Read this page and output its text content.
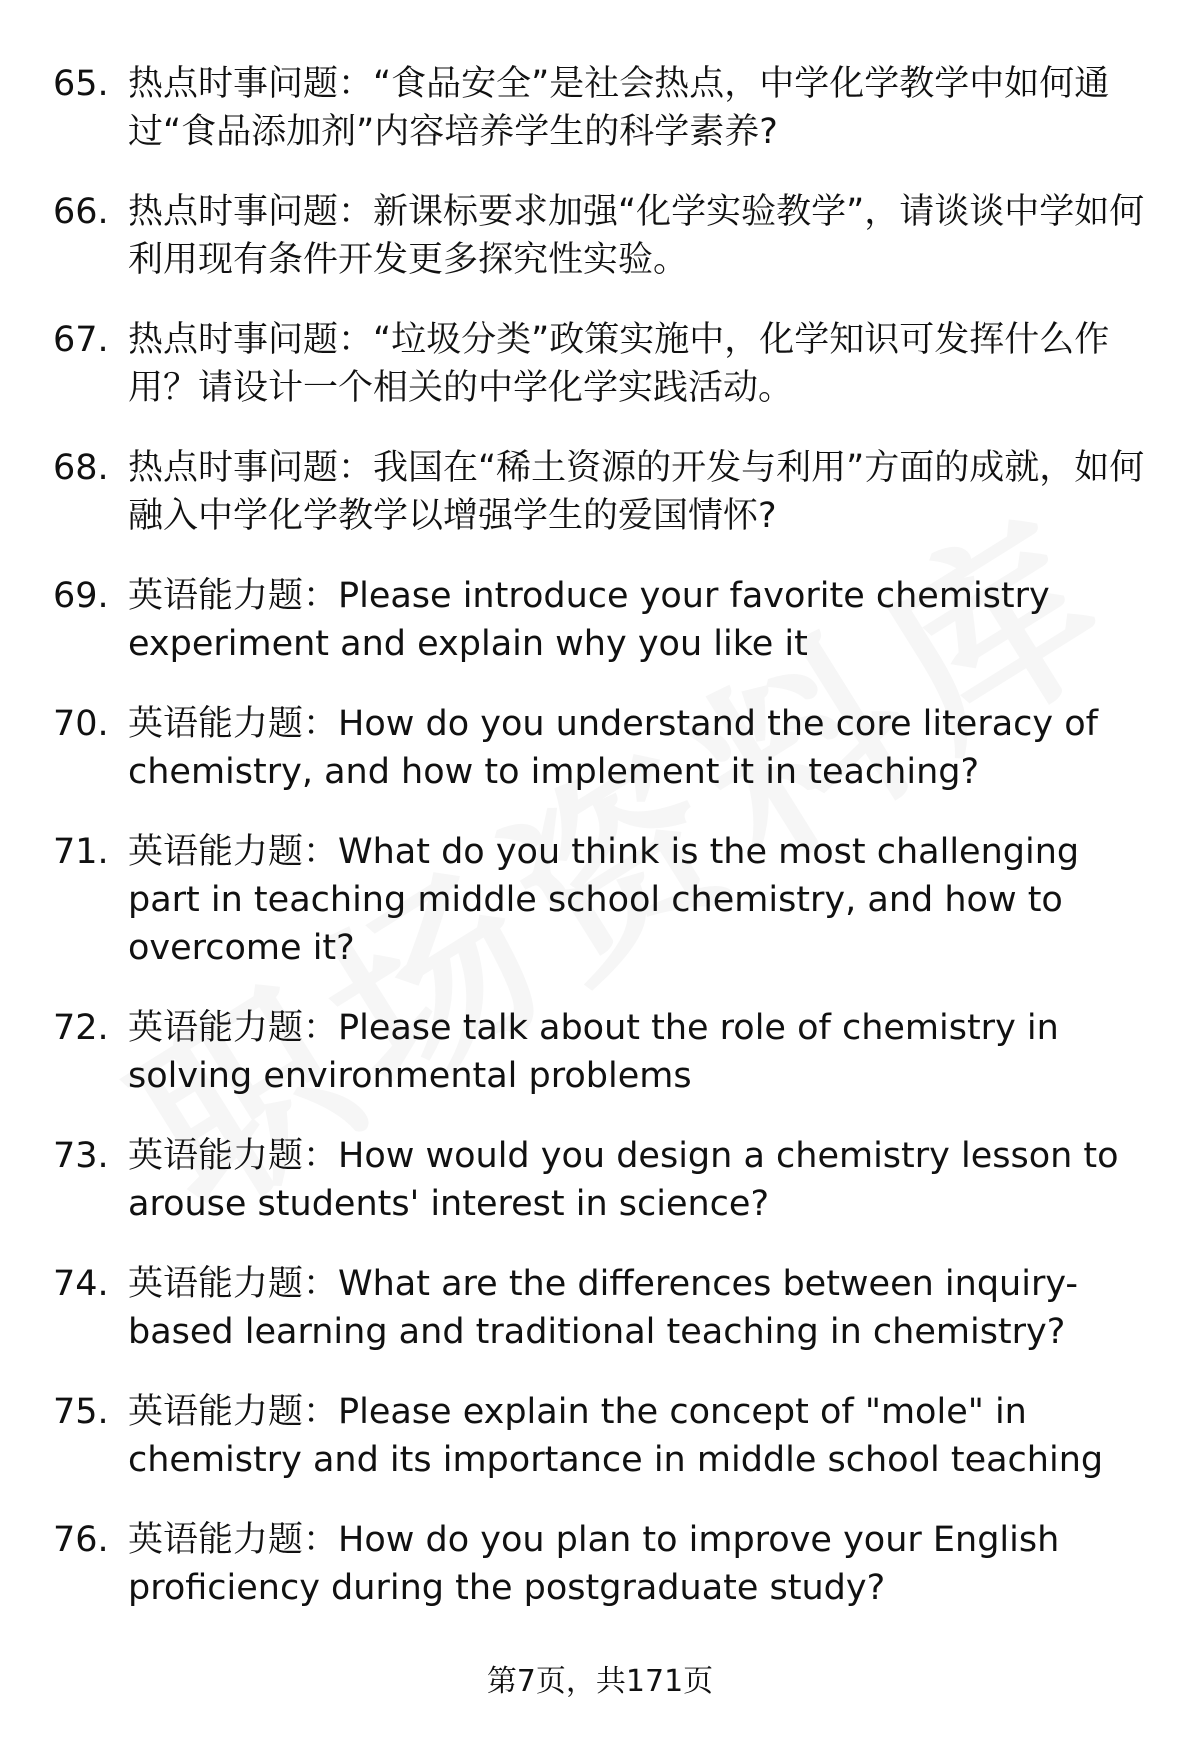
65. 热点时事问题：“食品安全”是社会热点，中学化学教学中如何通过“食品添加剂”内容培养学生的科学素养?
66. 热点时事问题：新课标要求加强“化学实验教学”，请谈谈中学如何利用现有条件开发更多探究性实验。
67. 热点时事问题：“垃圾分类”政策实施中，化学知识可发挥什么作用？请设计一个相关的中学化学实践活动。
68. 热点时事问题：我国在“稀土资源的开发与利用”方面的成就，如何融入中学化学教学以增强学生的爱国情怀?
69. 英语能力题：Please introduce your favorite chemistry experiment and explain why you like it
70. 英语能力题：How do you understand the core literacy of chemistry, and how to implement it in teaching?
71. 英语能力题：What do you think is the most challenging part in teaching middle school chemistry, and how to overcome it?
72. 英语能力题：Please talk about the role of chemistry in solving environmental problems
73. 英语能力题：How would you design a chemistry lesson to arouse students' interest in science?
74. 英语能力题：What are the differences between inquiry-based learning and traditional teaching in chemistry?
75. 英语能力题：Please explain the concept of "mole" in chemistry and its importance in middle school teaching
76. 英语能力题：How do you plan to improve your English proficiency during the postgraduate study?
第7页，共171页
